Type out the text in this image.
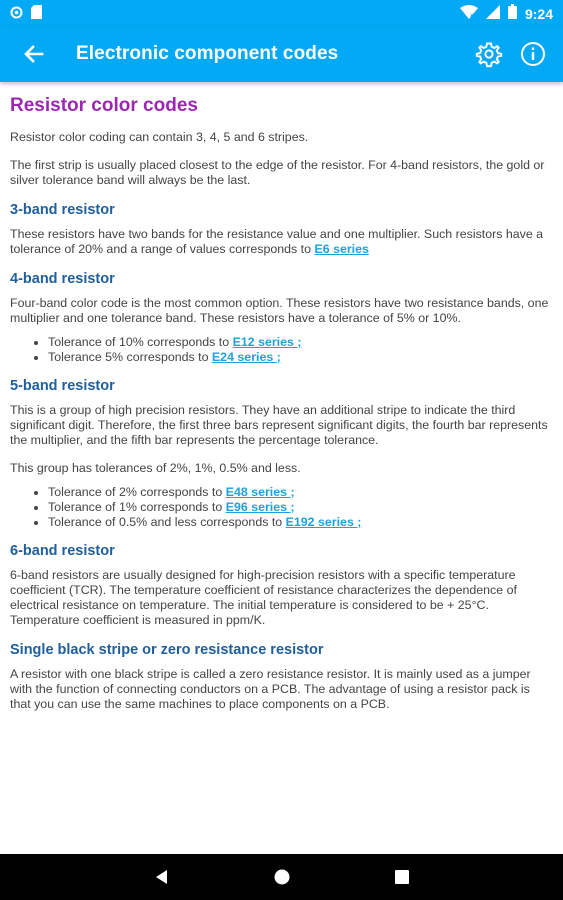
x	9:24
Electronic component codes
Resistor color codes

Resistor color coding can contain 3, 4, 5 and 6 stripes.

The first strip is usually placed closest to the edge of the resistor. For 4-band resistors, the gold or silver tolerance band will always be the last.

3-band resistor

These resistors have two bands for the resistance value and one multiplier. Such resistors have a tolerance of 20% and a range of values corresponds to E6 series

4-band resistor

Four-band color code is the most common option. These resistors have two resistance bands, one multiplier and one tolerance band. These resistors have a tolerance of 5% or 10%.

• Tolerance of 10% corresponds to E12 series ;
• Tolerance 5% corresponds to E24 series ;
5-band resistor

This is a group of high precision resistors. They have an additional stripe to indicate the third significant digit. Therefore, the first three bars represent significant digits, the fourth bar represents the multiplier, and the fifth bar represents the percentage tolerance.

This group has tolerances of 2%, 1%, 0.5% and less.

• Tolerance of 2% corresponds to E48 series ;
• Tolerance of 1% corresponds to E96 series ;
• Tolerance of 0.5% and less corresponds to E192 series ;
6-band resistor

6-band resistors are usually designed for high-precision resistors with a specific temperature coefficient (TCR). The temperature coefficient of resistance characterizes the dependence of electrical resistance on temperature. The initial temperature is considered to be + 25°C. Temperature coefficient is measured in ppm/K.

Single black stripe or zero resistance resistor

A resistor with one black stripe is called a zero resistance resistor. It is mainly used as a jumper with the function of connecting conductors on a PCB. The advantage of using a resistor pack is that you can use the same machines to place components on a PCB.
